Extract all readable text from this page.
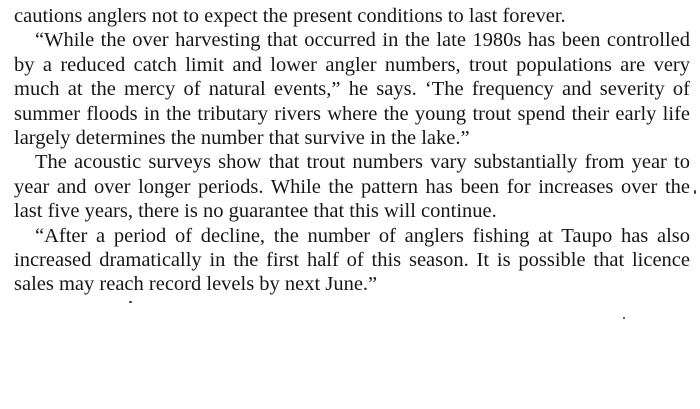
cautions anglers not to expect the present conditions to last forever.

“While the over harvesting that occurred in the late 1980s has been controlled by a reduced catch limit and lower angler numbers, trout populations are very much at the mercy of natural events,” he says. ‘The frequency and severity of summer floods in the tributary rivers where the young trout spend their early life largely determines the number that survive in the lake.”

The acoustic surveys show that trout numbers vary substantially from year to year and over longer periods. While the pattern has been for increases over the last five years, there is no guarantee that this will continue.

“After a period of decline, the number of anglers fishing at Taupo has also increased dramatically in the first half of this season. It is possible that licence sales may reach record levels by next June.”
